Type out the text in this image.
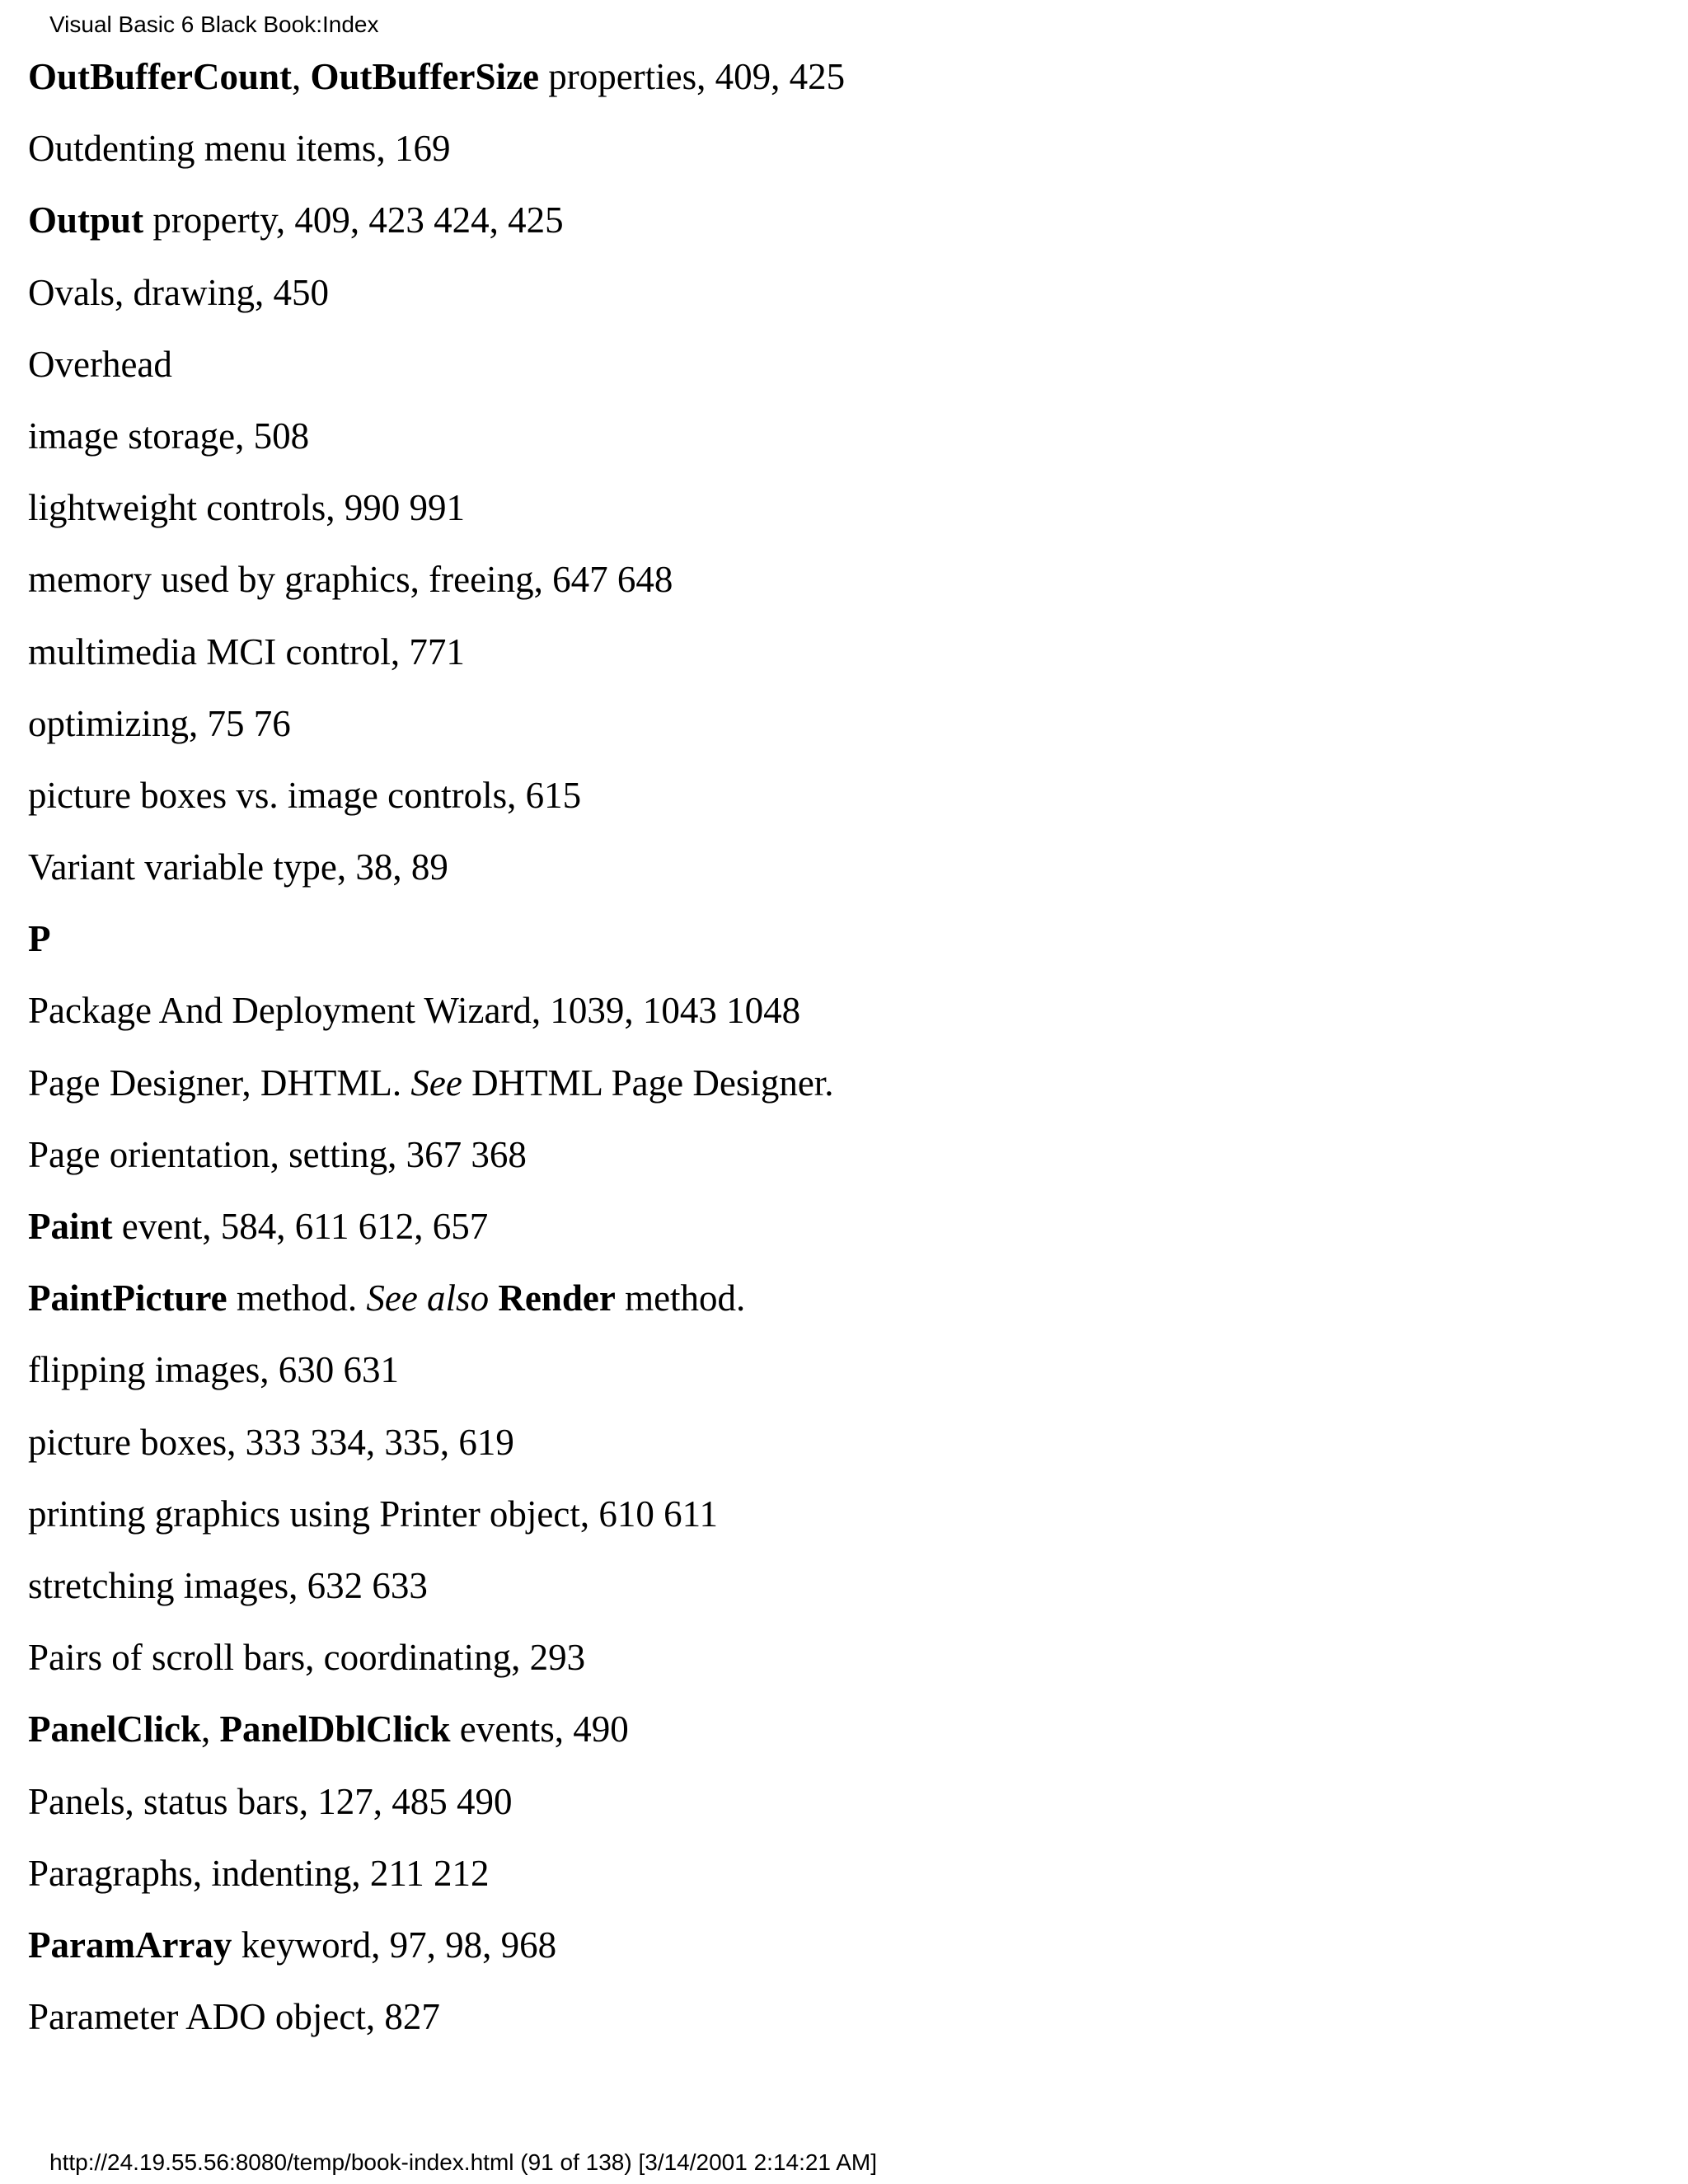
Visual Basic 6 Black Book:Index
OutBufferCount, OutBufferSize properties, 409, 425
Outdenting menu items, 169
Output property, 409, 423 424, 425
Ovals, drawing, 450
Overhead
image storage, 508
lightweight controls, 990 991
memory used by graphics, freeing, 647 648
multimedia MCI control, 771
optimizing, 75 76
picture boxes vs. image controls, 615
Variant variable type, 38, 89
P
Package And Deployment Wizard, 1039, 1043 1048
Page Designer, DHTML. See DHTML Page Designer.
Page orientation, setting, 367 368
Paint event, 584, 611 612, 657
PaintPicture method. See also Render method.
flipping images, 630 631
picture boxes, 333 334, 335, 619
printing graphics using Printer object, 610 611
stretching images, 632 633
Pairs of scroll bars, coordinating, 293
PanelClick, PanelDblClick events, 490
Panels, status bars, 127, 485 490
Paragraphs, indenting, 211 212
ParamArray keyword, 97, 98, 968
Parameter ADO object, 827
http://24.19.55.56:8080/temp/book-index.html (91 of 138) [3/14/2001 2:14:21 AM]
